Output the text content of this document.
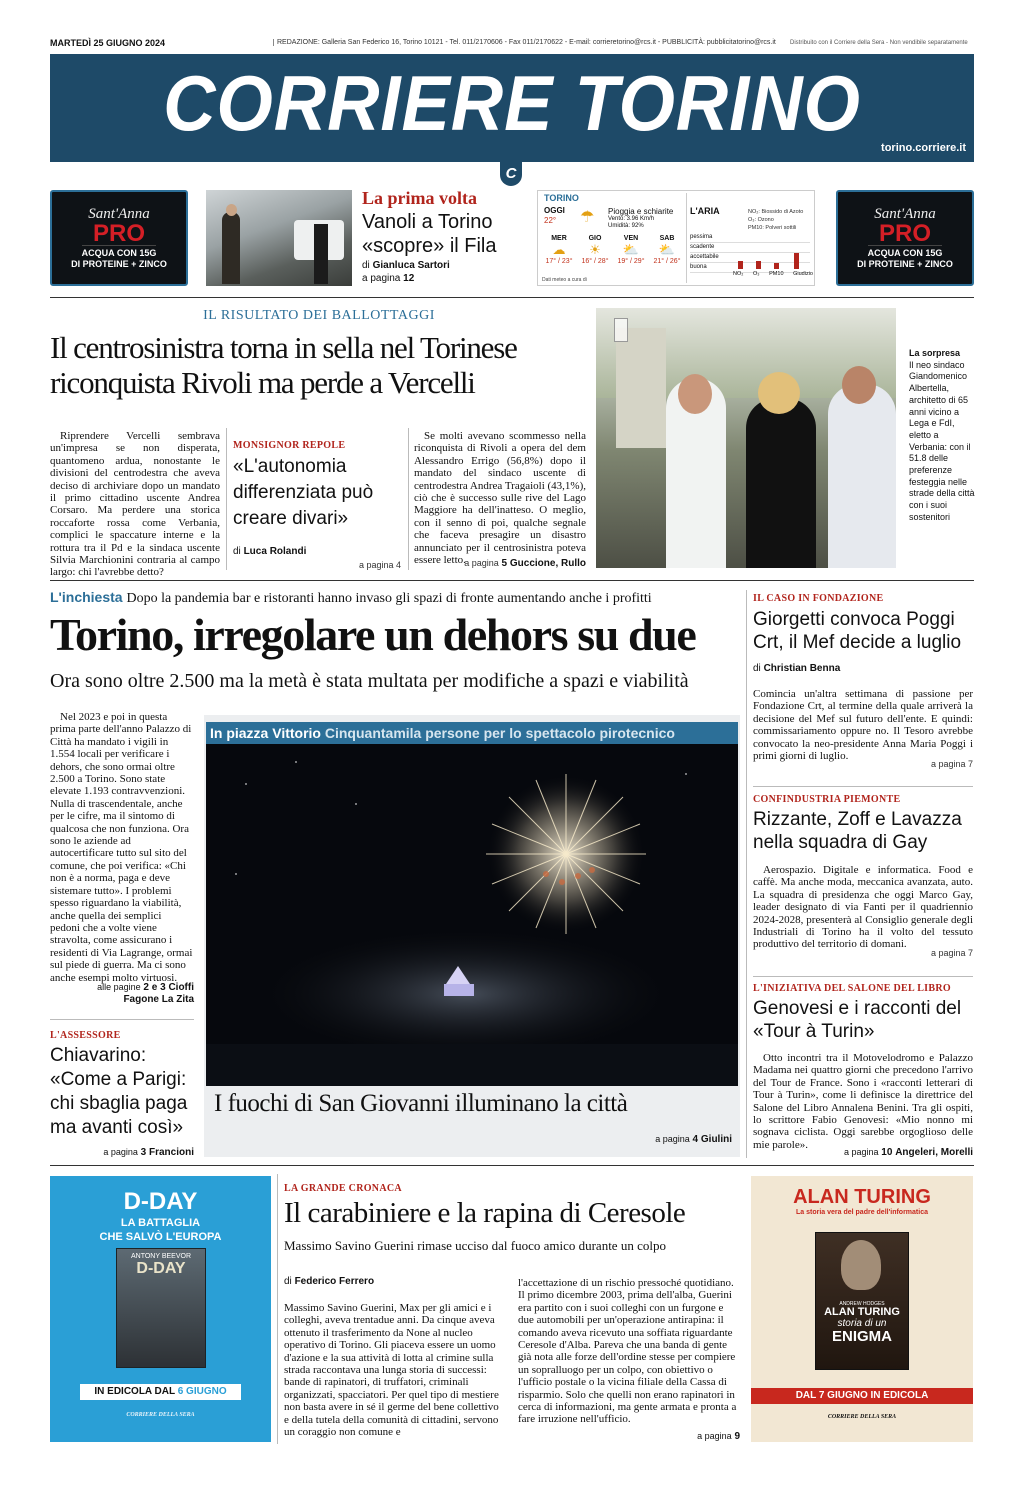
MARTEDÌ 25 GIUGNO 2024	REDAZIONE: Galleria San Federico 16, Torino 10121 - Tel. 011/2170606 - Fax 011/2170622 - E-mail: corrieretorino@rcs.it - PUBBLICITÀ: pubblicitatorino@rcs.it Distribuito con il Corriere della Sera - Non vendibile separatamente
CORRIERE TORINO
torino.corriere.it
C
Sant'Anna
PRO
ACQUA CON 15G
DI PROTEINE + ZINCO
La prima volta
Vanoli a Torino
«scopre» il Fila
di Gianluca Sartori
a pagina 12
TORINO
OGGI
22° ☂ Pioggia e schiarite
Vento: 3.96 Km/h
Umidità: 92%
MER
☁
17° / 23°
GIO
☀
16° / 28°
VEN
⛅
19° / 29°
SAB
⛅
21° / 26°
Dati meteo a cura di
L'ARIA	NO₂: Biossido di Azoto
O₃: Ozono
PM10: Polveri sottili
pessima
scadente
accettabile
buona
NO₂ O₃ PM10 Giudizio
Sant'Anna
PRO
ACQUA CON 15G
DI PROTEINE + ZINCO
IL RISULTATO DEI BALLOTTAGGI
Il centrosinistra torna in sella nel Torinese
riconquista Rivoli ma perde a Vercelli
Riprendere Vercelli sembrava un'impresa se non disperata, quantomeno ardua, nonostante le divisioni del centrodestra che aveva deciso di archiviare dopo un mandato il primo cittadino uscente Andrea Corsaro. Ma perdere una storica roccaforte rossa come Verbania, complici le spaccature interne e la rottura tra il Pd e la sindaca uscente Silvia Marchionini contraria al campo largo: chi l'avrebbe detto?
MONSIGNOR REPOLE
«L'autonomia differenziata può creare divari»
di Luca Rolandi
a pagina 4
Se molti avevano scommesso nella riconquista di Rivoli a opera del dem Alessandro Errigo (56,8%) dopo il mandato del sindaco uscente di centrodestra Andrea Tragaioli (43,1%), ciò che è successo sulle rive del Lago Maggiore ha dell'inatteso. O meglio, con il senno di poi, qualche segnale che faceva presagire un disastro annunciato per il centrosinistra poteva essere letto.
a pagina 5 Guccione, Rullo
La sorpresa
Il neo sindaco Giandomenico Albertella, architetto di 65 anni vicino a Lega e FdI, eletto a Verbania: con il 51.8 delle preferenze festeggia nelle strade della città con i suoi sostenitori
L'inchiesta Dopo la pandemia bar e ristoranti hanno invaso gli spazi di fronte aumentando anche i profitti
Torino, irregolare un dehors su due
Ora sono oltre 2.500 ma la metà è stata multata per modifiche a spazi e viabilità
Nel 2023 e poi in questa prima parte dell'anno Palazzo di Città ha mandato i vigili in 1.554 locali per verificare i dehors, che sono ormai oltre 2.500 a Torino. Sono state elevate 1.193 contravvenzioni. Nulla di trascendentale, anche per le cifre, ma il sintomo di qualcosa che non funziona. Ora sono le aziende ad autocertificare tutto sul sito del comune, che poi verifica: «Chi non è a norma, paga e deve sistemare tutto». I problemi spesso riguardano la viabilità, anche quella dei semplici pedoni che a volte viene stravolta, come assicurano i residenti di Via Lagrange, ormai sul piede di guerra. Ma ci sono anche esempi molto virtuosi.
alle pagine 2 e 3 Cioffi
Fagone La Zita
L'ASSESSORE
Chiavarino: «Come a Parigi: chi sbaglia paga ma avanti così»
a pagina 3 Francioni
In piazza Vittorio Cinquantamila persone per lo spettacolo pirotecnico
I fuochi di San Giovanni illuminano la città
a pagina 4 Giulini
IL CASO IN FONDAZIONE
Giorgetti convoca Poggi Crt, il Mef decide a luglio
di Christian Benna
Comincia un'altra settimana di passione per Fondazione Crt, al termine della quale arriverà la decisione del Mef sul futuro dell'ente. E quindi: commissariamento oppure no. Il Tesoro avrebbe convocato la neo-presidente Anna Maria Poggi i primi giorni di luglio.
a pagina 7
CONFINDUSTRIA PIEMONTE
Rizzante, Zoff e Lavazza nella squadra di Gay
Aerospazio. Digitale e informatica. Food e caffè. Ma anche moda, meccanica avanzata, auto. La squadra di presidenza che oggi Marco Gay, leader designato di via Fanti per il quadriennio 2024-2028, presenterà al Consiglio generale degli Industriali di Torino ha il volto del tessuto produttivo del territorio di domani.
a pagina 7
L'INIZIATIVA DEL SALONE DEL LIBRO
Genovesi e i racconti del «Tour à Turin»
Otto incontri tra il Motovelodromo e Palazzo Madama nei quattro giorni che precedono l'arrivo del Tour de France. Sono i «racconti letterari di Tour à Turin», come li definisce la direttrice del Salone del Libro Annalena Benini. Tra gli ospiti, lo scrittore Fabio Genovesi: «Mio nonno mi sognava ciclista. Oggi sarebbe orgoglioso delle mie parole».
a pagina 10 Angeleri, Morelli
D-DAY
LA BATTAGLIA
CHE SALVÒ L'EUROPA
ANTONY BEEVOR
D-DAY
IN EDICOLA DAL 6 GIUGNO
CORRIERE DELLA SERA
LA GRANDE CRONACA
Il carabiniere e la rapina di Ceresole
Massimo Savino Guerini rimase ucciso dal fuoco amico durante un colpo
di Federico Ferrero
Massimo Savino Guerini, Max per gli amici e i colleghi, aveva trentadue anni. Da cinque aveva ottenuto il trasferimento da None al nucleo operativo di Torino. Gli piaceva essere un uomo d'azione e la sua attività di lotta al crimine sulla strada raccontava una lunga storia di successi: bande di rapinatori, di truffatori, criminali organizzati, spacciatori. Per quel tipo di mestiere non basta avere in sé il germe del bene collettivo e della tutela della comunità di cittadini, servono un coraggio non comune e
l'accettazione di un rischio pressoché quotidiano. Il primo dicembre 2003, prima dell'alba, Guerini era partito con i suoi colleghi con un furgone e due automobili per un'operazione antirapina: il comando aveva ricevuto una soffiata riguardante Ceresole d'Alba. Pareva che una banda di gente già nota alle forze dell'ordine stesse per compiere un sopralluogo per un colpo, con obiettivo o l'ufficio postale o la vicina filiale della Cassa di risparmio. Solo che quelli non erano rapinatori in cerca di informazioni, ma gente armata e pronta a fare irruzione nell'ufficio.
a pagina 9
ALAN TURING
La storia vera del padre dell'informatica
ANDREW HODGES
ALAN TURING
storia di un
ENIGMA
DAL 7 GIUGNO IN EDICOLA
CORRIERE DELLA SERA
